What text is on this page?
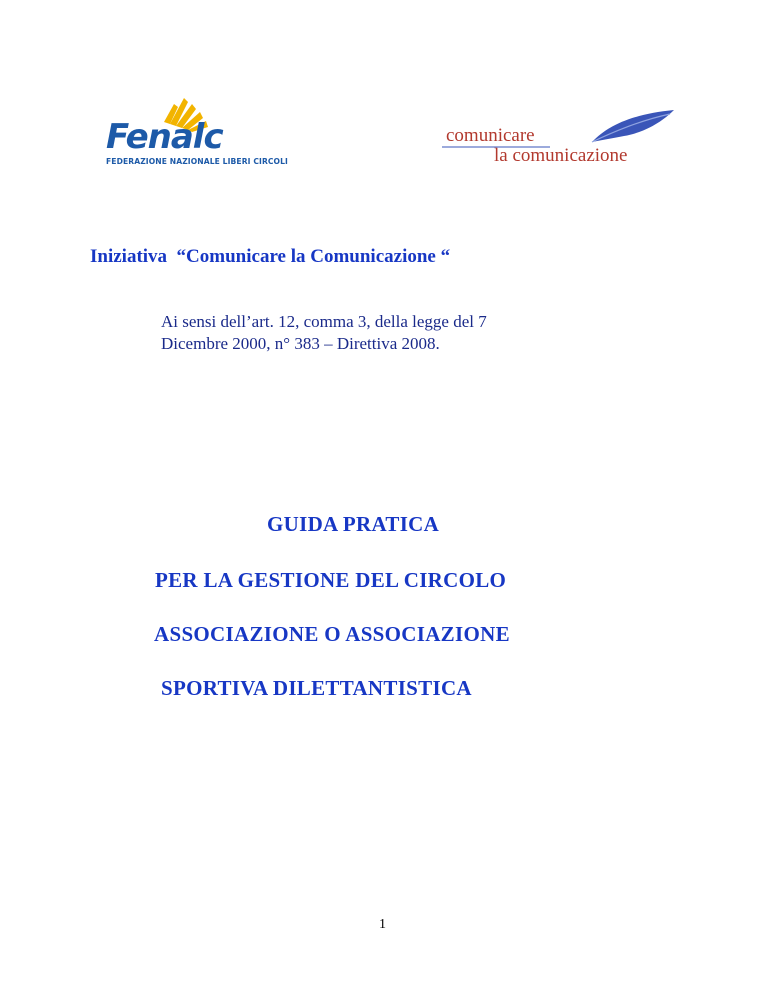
Fenalc
FEDERAZIONE NAZIONALE LIBERI CIRCOLI
comunicare
la comunicazione
Iniziativa  “Comunicare la Comunicazione “
Ai sensi dell’art. 12, comma 3, della legge del 7
Dicembre 2000, n° 383 – Direttiva 2008.
GUIDA PRATICA
PER LA GESTIONE DEL CIRCOLO
ASSOCIAZIONE O ASSOCIAZIONE
SPORTIVA DILETTANTISTICA
1
